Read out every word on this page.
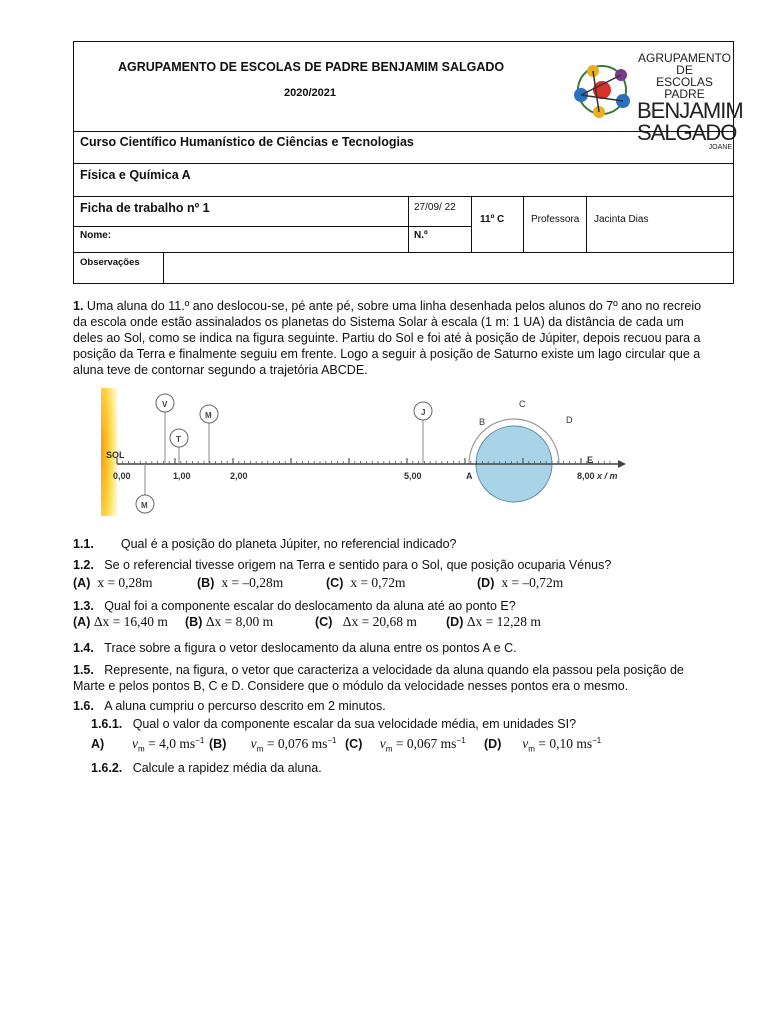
AGRUPAMENTO DE ESCOLAS DE PADRE BENJAMIM SALGADO
2020/2021
AGRUPAMENTO DE
ESCOLAS PADRE
BENJAMIM
SALGADO
JOANE
Curso Científico Humanístico de Ciências e Tecnologias
Física e Química A
Ficha de trabalho nº 1	27/09/ 22
11º C	Professora Jacinta Dias
Nome:	N.º
Observações

1. Uma aluna do 11.º ano deslocou-se, pé ante pé, sobre uma linha desenhada pelos alunos do 7º ano no recreio da escola onde estão assinalados os planetas do Sistema Solar à escala (1 m: 1 UA) da distância de cada um deles ao Sol, como se indica na figura seguinte. Partiu do Sol e foi até à posição de Júpiter, depois recuou para a posição da Terra e finalmente seguiu em frente. Logo a seguir à posição de Saturno existe um lago circular que a aluna teve de contornar segundo a trajetória ABCDE.

SOL
0,00	1,00	2,00	5,00	8,00 x / m
V
T
M	J
M
A
B
C
D
E

1.1. Qual é a posição do planeta Júpiter, no referencial indicado?

1.2. Se o referencial tivesse origem na Terra e sentido para o Sol, que posição ocuparia Vénus?

(A) x = 0,28m	(B) x = –0,28m	(C) x = 0,72m	(D) x = –0,72m

1.3. Qual foi a componente escalar do deslocamento da aluna até ao ponto E?

(A) Δx = 16,40 m (B) Δx = 8,00 m	(C) Δx = 20,68 m (D) Δx = 12,28 m

1.4. Trace sobre a figura o vetor deslocamento da aluna entre os pontos A e C.

1.5. Represente, na figura, o vetor que caracteriza a velocidade da aluna quando ela passou pela posição de Marte e pelos pontos B, C e D. Considere que o módulo da velocidade nesses pontos era o mesmo.

1.6. A aluna cumpriu o percurso descrito em 2 minutos.

1.6.1. Qual o valor da componente escalar da sua velocidade média, em unidades SI?

A) $v_m = 4,0$ $ms^{-1}$ (B) $v_m = 0,076$ $ms^{-1}$ (C) $v_m = 0,067$ $ms^{-1}$ (D) $v_m = 0,10$ $ms^{-1}$

1.6.2. Calcule a rapidez média da aluna.
